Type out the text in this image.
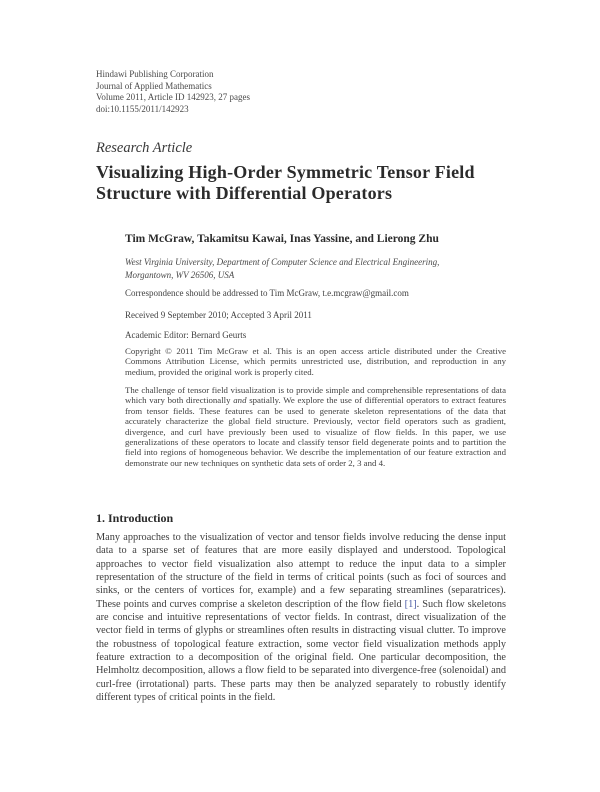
Hindawi Publishing Corporation
Journal of Applied Mathematics
Volume 2011, Article ID 142923, 27 pages
doi:10.1155/2011/142923
Research Article
Visualizing High-Order Symmetric Tensor Field
Structure with Differential Operators
Tim McGraw, Takamitsu Kawai, Inas Yassine, and Lierong Zhu
West Virginia University, Department of Computer Science and Electrical Engineering,
Morgantown, WV 26506, USA
Correspondence should be addressed to Tim McGraw, t.e.mcgraw@gmail.com
Received 9 September 2010; Accepted 3 April 2011
Academic Editor: Bernard Geurts
Copyright © 2011 Tim McGraw et al. This is an open access article distributed under the Creative Commons Attribution License, which permits unrestricted use, distribution, and reproduction in any medium, provided the original work is properly cited.
The challenge of tensor field visualization is to provide simple and comprehensible representations of data which vary both directionally and spatially. We explore the use of differential operators to extract features from tensor fields. These features can be used to generate skeleton representations of the data that accurately characterize the global field structure. Previously, vector field operators such as gradient, divergence, and curl have previously been used to visualize of flow fields. In this paper, we use generalizations of these operators to locate and classify tensor field degenerate points and to partition the field into regions of homogeneous behavior. We describe the implementation of our feature extraction and demonstrate our new techniques on synthetic data sets of order 2, 3 and 4.
1. Introduction
Many approaches to the visualization of vector and tensor fields involve reducing the dense input data to a sparse set of features that are more easily displayed and understood. Topological approaches to vector field visualization also attempt to reduce the input data to a simpler representation of the structure of the field in terms of critical points (such as foci of sources and sinks, or the centers of vortices for, example) and a few separating streamlines (separatrices). These points and curves comprise a skeleton description of the flow field [1]. Such flow skeletons are concise and intuitive representations of vector fields. In contrast, direct visualization of the vector field in terms of glyphs or streamlines often results in distracting visual clutter. To improve the robustness of topological feature extraction, some vector field visualization methods apply feature extraction to a decomposition of the original field. One particular decomposition, the Helmholtz decomposition, allows a flow field to be separated into divergence-free (solenoidal) and curl-free (irrotational) parts. These parts may then be analyzed separately to robustly identify different types of critical points in the field.
